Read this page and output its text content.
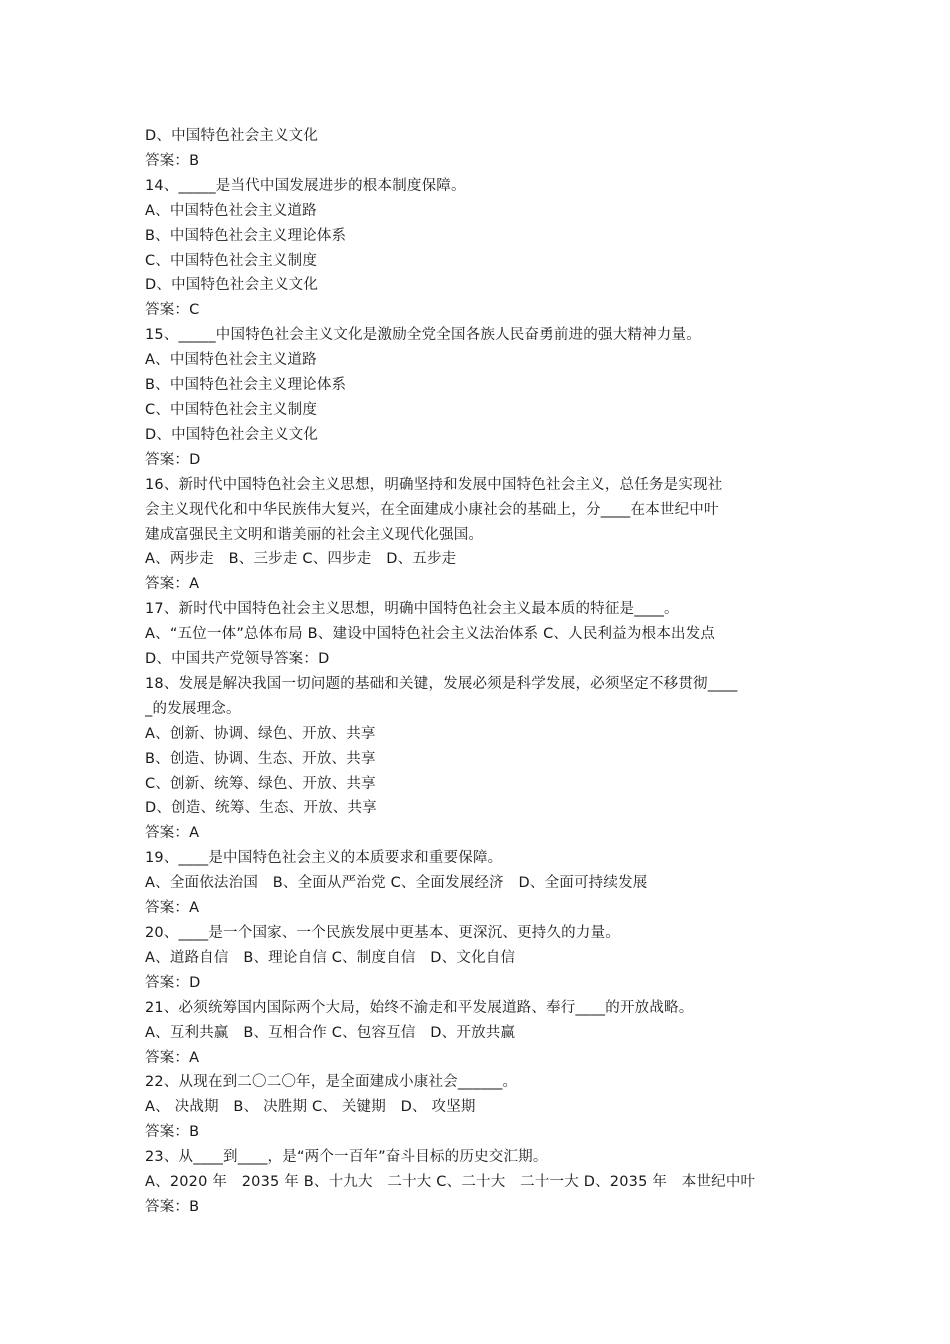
D、中国特色社会主义文化
答案：B
14、_____是当代中国发展进步的根本制度保障。
A、中国特色社会主义道路
B、中国特色社会主义理论体系
C、中国特色社会主义制度
D、中国特色社会主义文化
答案：C
15、_____中国特色社会主义文化是激励全党全国各族人民奋勇前进的强大精神力量。
A、中国特色社会主义道路
B、中国特色社会主义理论体系
C、中国特色社会主义制度
D、中国特色社会主义文化
答案：D
16、新时代中国特色社会主义思想，明确坚持和发展中国特色社会主义，总任务是实现社
会主义现代化和中华民族伟大复兴，在全面建成小康社会的基础上，分____在本世纪中叶
建成富强民主文明和谐美丽的社会主义现代化强国。
A、两步走　B、三步走 C、四步走　D、五步走
答案：A
17、新时代中国特色社会主义思想，明确中国特色社会主义最本质的特征是____。
A、“五位一体”总体布局 B、建设中国特色社会主义法治体系 C、人民利益为根本出发点
D、中国共产党领导答案：D
18、发展是解决我国一切问题的基础和关键，发展必须是科学发展，必须坚定不移贯彻____
_的发展理念。
A、创新、协调、绿色、开放、共享
B、创造、协调、生态、开放、共享
C、创新、统筹、绿色、开放、共享
D、创造、统筹、生态、开放、共享
答案：A
19、____是中国特色社会主义的本质要求和重要保障。
A、全面依法治国　B、全面从严治党 C、全面发展经济　D、全面可持续发展
答案：A
20、____是一个国家、一个民族发展中更基本、更深沉、更持久的力量。
A、道路自信　B、理论自信 C、制度自信　D、文化自信
答案：D
21、必须统筹国内国际两个大局，始终不渝走和平发展道路、奉行____的开放战略。
A、互利共赢　B、互相合作 C、包容互信　D、开放共赢
答案：A
22、从现在到二〇二〇年，是全面建成小康社会______。
A、 决战期　B、 决胜期 C、 关键期　D、 攻坚期
答案：B
23、从____到____，是“两个一百年”奋斗目标的历史交汇期。
A、2020 年　2035 年 B、十九大　二十大 C、二十大　二十一大 D、2035 年　本世纪中叶
答案：B
